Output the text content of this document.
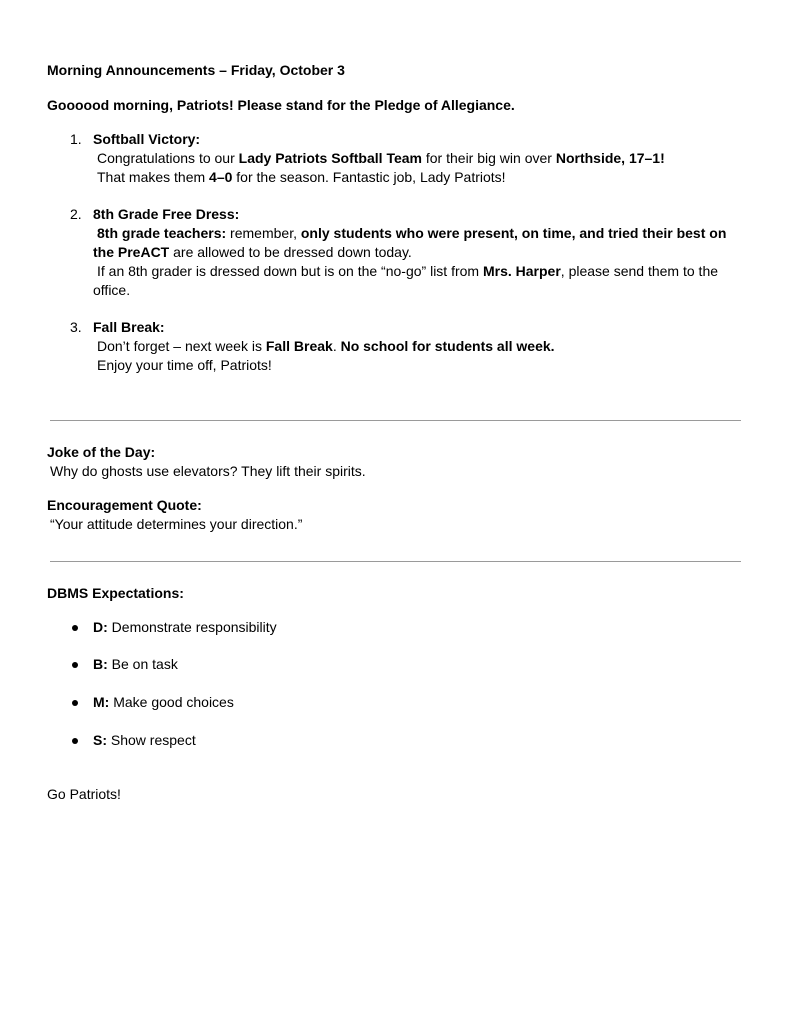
Morning Announcements – Friday, October 3
Goooood morning, Patriots! Please stand for the Pledge of Allegiance.
1. Softball Victory:
Congratulations to our Lady Patriots Softball Team for their big win over Northside, 17–1!
That makes them 4–0 for the season. Fantastic job, Lady Patriots!
2. 8th Grade Free Dress:
8th grade teachers: remember, only students who were present, on time, and tried their best on
the PreACT are allowed to be dressed down today.
If an 8th grader is dressed down but is on the “no-go” list from Mrs. Harper, please send them to the
office.
3. Fall Break:
Don’t forget – next week is Fall Break. No school for students all week.
Enjoy your time off, Patriots!
Joke of the Day:
Why do ghosts use elevators? They lift their spirits.
Encouragement Quote:
“Your attitude determines your direction.”
DBMS Expectations:
D: Demonstrate responsibility
B: Be on task
M: Make good choices
S: Show respect
Go Patriots!
